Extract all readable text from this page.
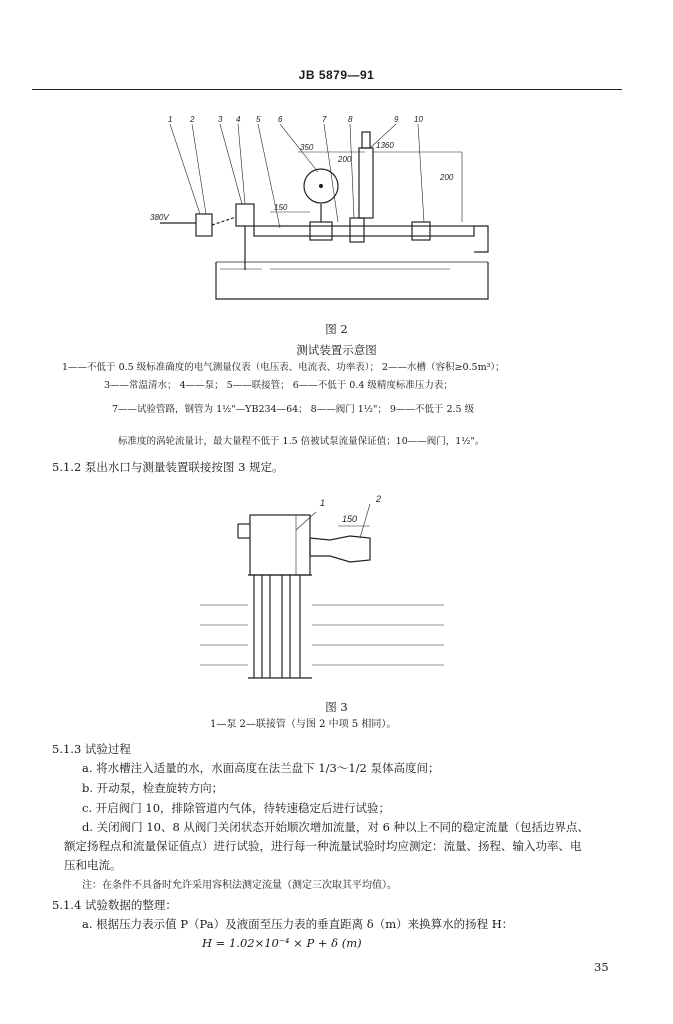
JB 5879—91
1 2	3 4 5 6	7	8	9 10
380V
350
200
1360
200
150
图 2
测试装置示意图
1——不低于 0.5 级标准确度的电气测量仪表（电压表、电流表、功率表）； 2——水槽（容积≥0.5m³）；
3——常温清水； 4——泵； 5——联接管； 6——不低于 0.4 级精度标准压力表；
7——试验管路，钢管为 1½"—YB234—64； 8——阀门 1½"； 9——不低于 2.5 级
标准度的涡轮流量计，最大量程不低于 1.5 倍被试泵流量保证值；10——阀门，1½"。
5.1.2 泵出水口与测量装置联接按图 3 规定。
1	2
150
图 3
1—泵 2—联接管（与图 2 中项 5 相同）。
5.1.3 试验过程
a. 将水槽注入适量的水，水面高度在法兰盘下 1/3～1/2 泵体高度间；
b. 开动泵，检查旋转方向；
c. 开启阀门 10，排除管道内气体，待转速稳定后进行试验；
d. 关闭阀门 10、8 从阀门关闭状态开始顺次增加流量，对 6 种以上不同的稳定流量（包括边界点、
额定扬程点和流量保证值点）进行试验，进行每一种流量试验时均应测定：流量、扬程、输入功率、电
压和电流。
注：在条件不具备时允许采用容积法测定流量（测定三次取其平均值）。
5.1.4 试验数据的整理：
a. 根据压力表示值 P（Pa）及液面至压力表的垂直距离 δ（m）来换算水的扬程 H：
H = 1.02×10⁻⁴ × P + δ (m)
35
